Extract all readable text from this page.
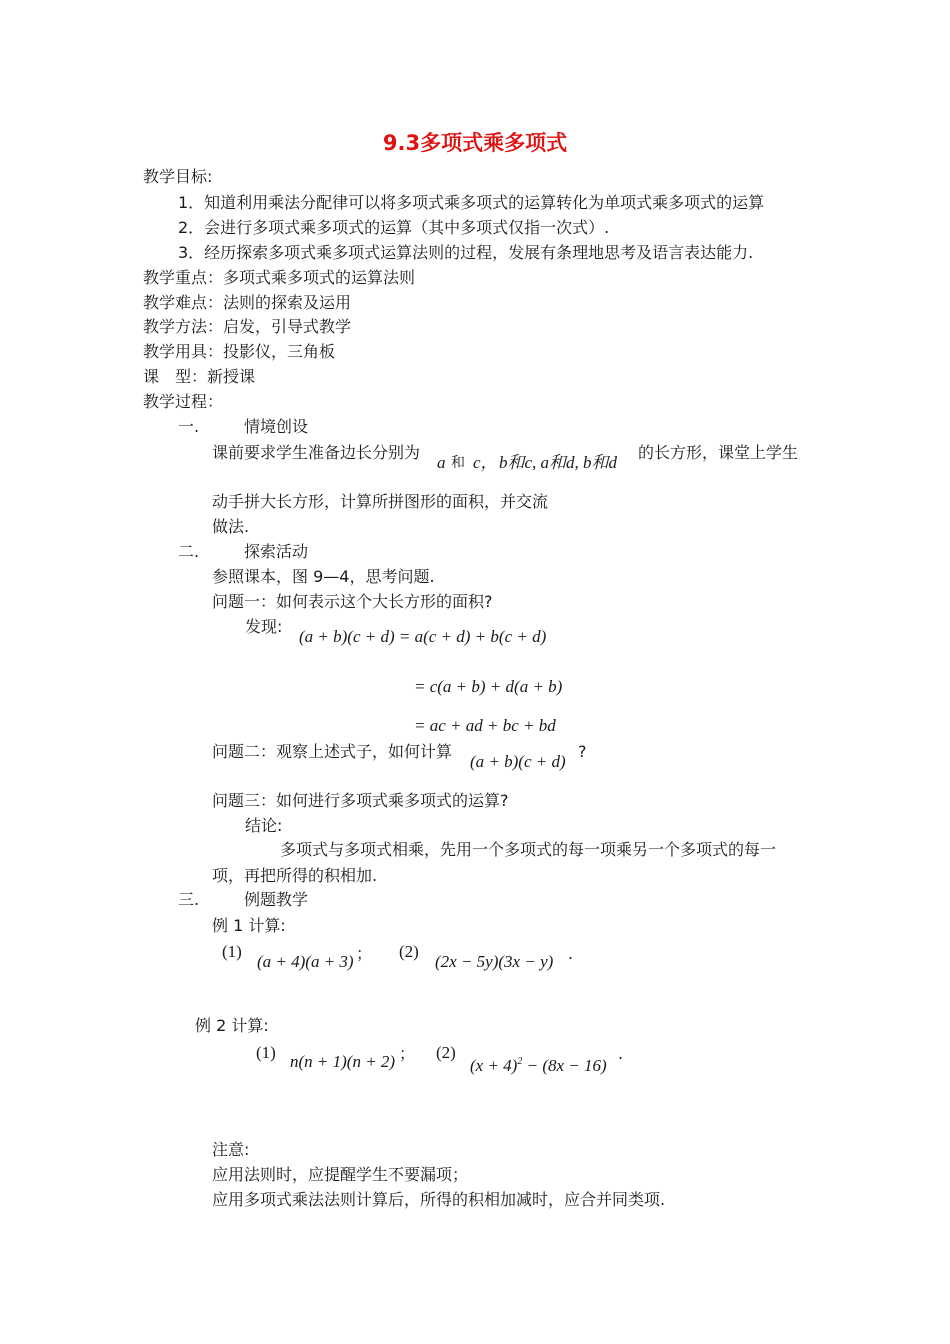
9.3多项式乘多项式
教学目标:
1．知道利用乘法分配律可以将多项式乘多项式的运算转化为单项式乘多项式的运算
2．会进行多项式乘多项式的运算（其中多项式仅指一次式）.
3．经历探索多项式乘多项式运算法则的过程，发展有条理地思考及语言表达能力.
教学重点：多项式乘多项式的运算法则
教学难点：法则的探索及运用
教学方法：启发，引导式教学
教学用具：投影仪，三角板
课　型：新授课
教学过程：
一.	情境创设
课前要求学生准备边长分别为
a 和 c， b和c, a和d, b和d
的长方形，课堂上学生
动手拼大长方形，计算所拼图形的面积，并交流
做法.
二.	探索活动
参照课本，图 9—4，思考问题.
问题一：如何表示这个大长方形的面积?
发现:
(a + b)(c + d) = a(c + d) + b(c + d)
= c(a + b) + d(a + b)
= ac + ad + bc + bd
问题二：观察上述式子，如何计算
(a + b)(c + d)
?
问题三：如何进行多项式乘多项式的运算?
结论:
多项式与多项式相乘，先用一个多项式的每一项乘另一个多项式的每一
项，再把所得的积相加.
三.	例题教学
例 1 计算:
(1)
(a + 4)(a + 3) ； (2)
(2x − 5y)(3x − y) .
例 2 计算:
(1) n(n + 1)(n + 2) ； (2)
$(x + 4)^2 - (8x - 16)$
.
注意:
应用法则时，应提醒学生不要漏项；
应用多项式乘法法则计算后，所得的积相加减时，应合并同类项.
